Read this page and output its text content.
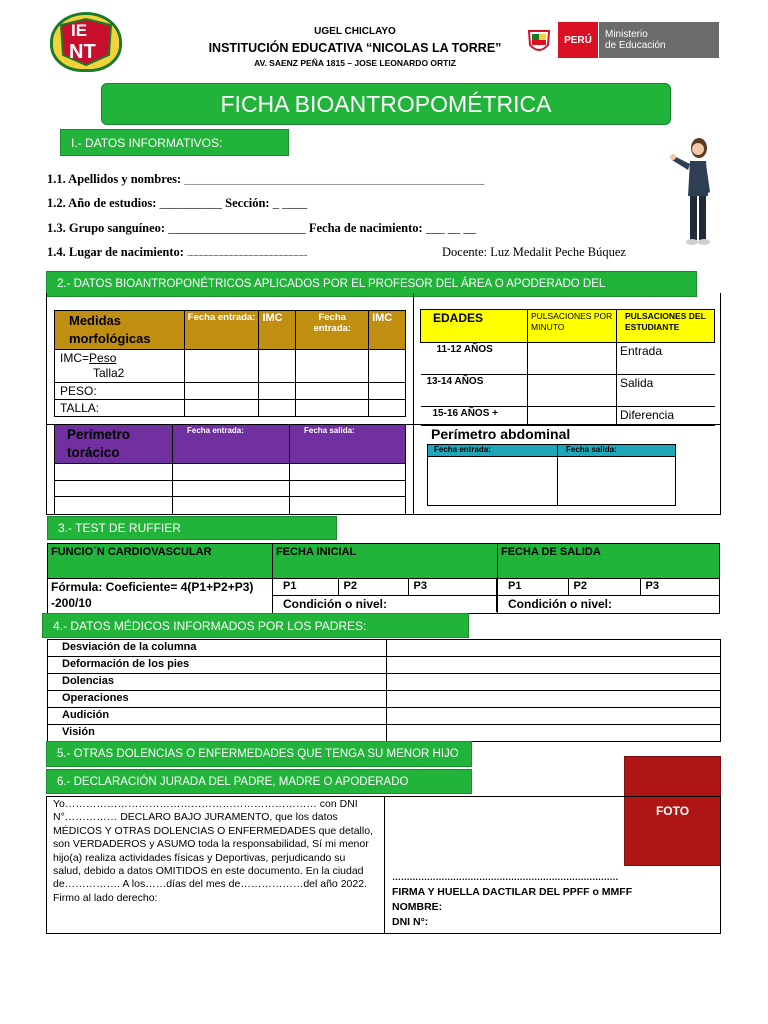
IE
NT
UGEL CHICLAYO
INSTITUCIÓN EDUCATIVA “NICOLAS LA TORRE”
AV. SAENZ PEÑA 1815 – JOSE LEONARDO ORTIZ
PERÚ	Ministerio
de Educación
FICHA BIOANTROPOMÉTRICA
I.- DATOS INFORMATIVOS:
1.1. Apellidos y nombres: ________________________________________________
1.2. Año de estudios: __________ Sección: _ ____
1.3. Grupo sanguíneo: ______________________ Fecha de nacimiento: ___ __ __
1.4. Lugar de nacimiento: ................................................................................................	Docente: Luz Medalit Peche Búquez
2.- DATOS BIOANTROPONÉTRICOS APLICADOS POR EL PROFESOR DEL ÁREA O APODERADO DEL
Medidas morfológicas	Fecha entrada:	IMC	Fecha entrada:	IMC
IMC=Peso
Talla2				
PESO:				
TALLA:				
EDADES	PULSACIONES POR MINUTO	PULSACIONES DEL ESTUDIANTE
11-12 AÑOS		Entrada
13-14 AÑOS		Salida
15-16 AÑOS +		Diferencia
Perímetro torácico	Fecha entrada:	Fecha salida:

			Perímetro abdominal
Fecha entrada:	Fecha salida:

3.- TEST DE RUFFIER
FUNCIO´N CARDIOVASCULAR	FECHA INICIAL	FECHA DE SALIDA
Fórmula: Coeficiente= 4(P1+P2+P3) -200/10	
P1	P2	P3
Condición o nivel:

P1	P2	P3
Condición o nivel:
4.- DATOS MÉDICOS INFORMADOS POR LOS PADRES:
Desviación de la columna	
Deformación de los pies	
Dolencias	
Operaciones	
Audición	
Visión	
5.- OTRAS DOLENCIAS O ENFERMEDADES QUE TENGA SU MENOR HIJO
6.- DECLARACIÓN JURADA DEL PADRE, MADRE O APODERADO
FOTO
Yo……………………………………………………………… con DNI N°…………… DECLARO BAJO JURAMENTO, que los datos MÉDICOS Y OTRAS DOLENCIAS O ENFERMEDADES que detallo, son VERDADEROS y ASUMO toda la responsabilidad, Sí mi menor hijo(a) realiza actividades físicas y Deportivas, perjudicando su salud, debido a datos OMITIDOS en este documento. En la ciudad de……………. A los……días del mes de………………del año 2022. Firmo al lado derecho:
……………………………………………………………………
FIRMA Y HUELLA DACTILAR DEL PPFF o MMFF
NOMBRE:
DNI N°:
